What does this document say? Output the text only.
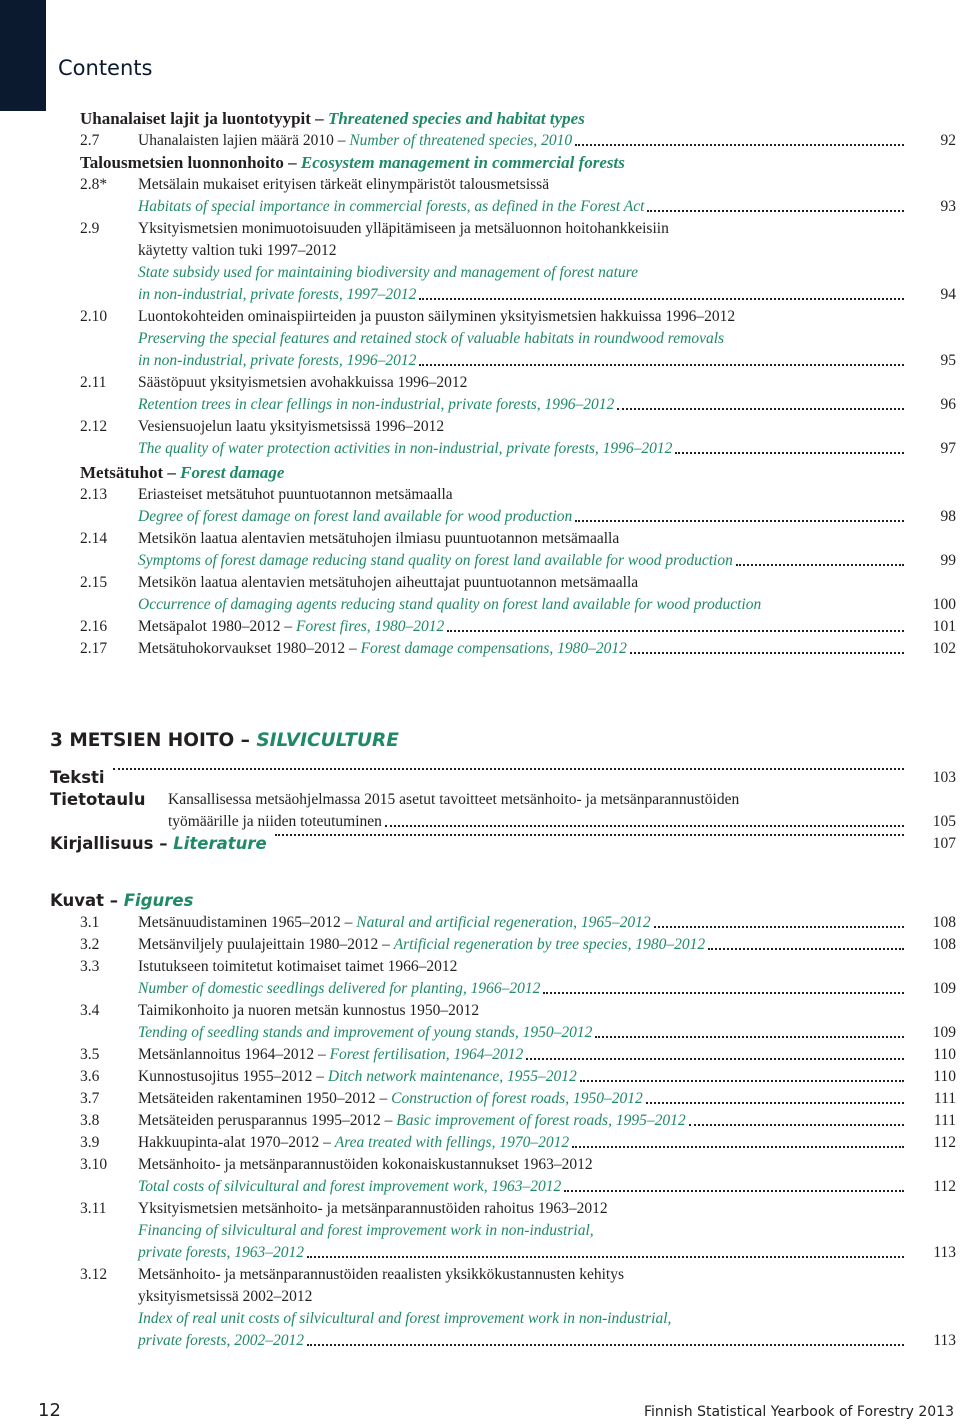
Contents
Uhanalaiset lajit ja luontotyypit – Threatened species and habitat types
2.7 Uhanalaisten lajien määrä 2010 – Number of threatened species, 2010	92
Talousmetsien luonnonhoito – Ecosystem management in commercial forests
2.8* Metsälain mukaiset erityisen tärkeät elinympäristöt talousmetsissä
Habitats of special importance in commercial forests, as defined in the Forest Act	93
2.9 Yksityismetsien monimuotoisuuden ylläpitämiseen ja metsäluonnon hoitohankkeisiin
käytetty valtion tuki 1997–2012
State subsidy used for maintaining biodiversity and management of forest nature
in non-industrial, private forests, 1997–2012	94
2.10 Luontokohteiden ominaispiirteiden ja puuston säilyminen yksityismetsien hakkuissa 1996–2012
Preserving the special features and retained stock of valuable habitats in roundwood removals
in non-industrial, private forests, 1996–2012	95
2.11 Säästöpuut yksityismetsien avohakkuissa 1996–2012
Retention trees in clear fellings in non-industrial, private forests, 1996–2012	96
2.12 Vesiensuojelun laatu yksityismetsissä 1996–2012
The quality of water protection activities in non-industrial, private forests, 1996–2012	97
Metsätuhot – Forest damage
2.13 Eriasteiset metsätuhot puuntuotannon metsämaalla
Degree of forest damage on forest land available for wood production	98
2.14 Metsikön laatua alentavien metsätuhojen ilmiasu puuntuotannon metsämaalla
Symptoms of forest damage reducing stand quality on forest land available for wood production	99
2.15 Metsikön laatua alentavien metsätuhojen aiheuttajat puuntuotannon metsämaalla
Occurrence of damaging agents reducing stand quality on forest land available for wood production	100
2.16 Metsäpalot 1980–2012 – Forest fires, 1980–2012	101
2.17 Metsätuhokorvaukset 1980–2012 – Forest damage compensations, 1980–2012	102
3 METSIEN HOITO – SILVICULTURE
Teksti	103
Tietotaulu Kansallisessa metsäohjelmassa 2015 asetut tavoitteet metsänhoito- ja metsänparannustöiden
työmäärille ja niiden toteutuminen	105
Kirjallisuus – Literature	107
Kuvat – Figures
3.1 Metsänuudistaminen 1965–2012 – Natural and artificial regeneration, 1965–2012	108
3.2 Metsänviljely puulajeittain 1980–2012 – Artificial regeneration by tree species, 1980–2012	108
3.3 Istutukseen toimitetut kotimaiset taimet 1966–2012
Number of domestic seedlings delivered for planting, 1966–2012	109
3.4 Taimikonhoito ja nuoren metsän kunnostus 1950–2012
Tending of seedling stands and improvement of young stands, 1950–2012	109
3.5 Metsänlannoitus 1964–2012 – Forest fertilisation, 1964–2012	110
3.6 Kunnostusojitus 1955–2012 – Ditch network maintenance, 1955–2012	110
3.7 Metsäteiden rakentaminen 1950–2012 – Construction of forest roads, 1950–2012	111
3.8 Metsäteiden perusparannus 1995–2012 – Basic improvement of forest roads, 1995–2012	111
3.9 Hakkuupinta-alat 1970–2012 – Area treated with fellings, 1970–2012	112
3.10 Metsänhoito- ja metsänparannustöiden kokonaiskustannukset 1963–2012
Total costs of silvicultural and forest improvement work, 1963–2012	112
3.11 Yksityismetsien metsänhoito- ja metsänparannustöiden rahoitus 1963–2012
Financing of silvicultural and forest improvement work in non-industrial,
private forests, 1963–2012	113
3.12 Metsänhoito- ja metsänparannustöiden reaalisten yksikkökustannusten kehitys
yksityismetsissä 2002–2012
Index of real unit costs of silvicultural and forest improvement work in non-industrial,
private forests, 2002–2012	113
12	Finnish Statistical Yearbook of Forestry 2013
